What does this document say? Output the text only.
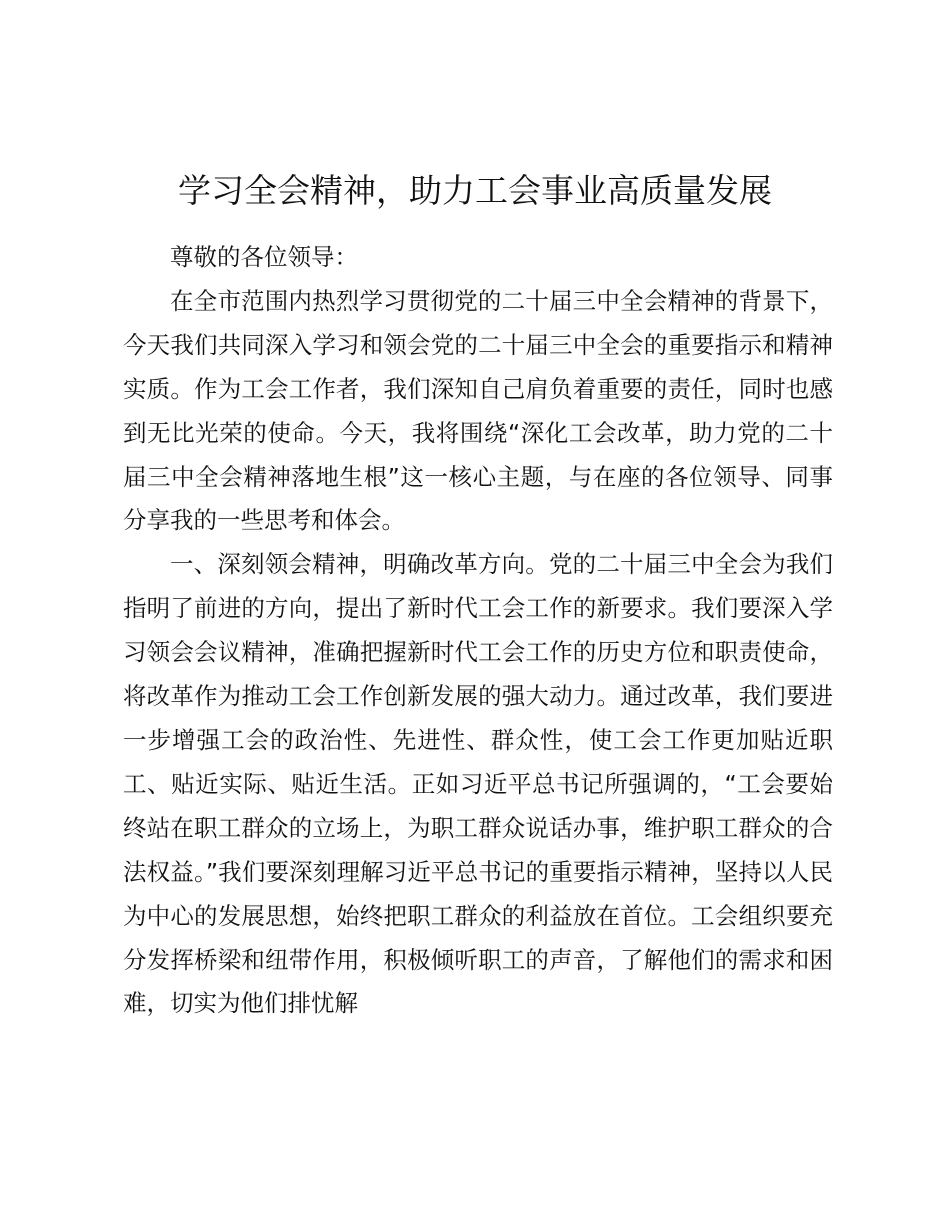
学习全会精神，助力工会事业高质量发展

尊敬的各位领导：

在全市范围内热烈学习贯彻党的二十届三中全会精神的背景下，今天我们共同深入学习和领会党的二十届三中全会的重要指示和精神实质。作为工会工作者，我们深知自己肩负着重要的责任，同时也感到无比光荣的使命。今天，我将围绕“深化工会改革，助力党的二十届三中全会精神落地生根”这一核心主题，与在座的各位领导、同事分享我的一些思考和体会。

一、深刻领会精神，明确改革方向。党的二十届三中全会为我们指明了前进的方向，提出了新时代工会工作的新要求。我们要深入学习领会会议精神，准确把握新时代工会工作的历史方位和职责使命，将改革作为推动工会工作创新发展的强大动力。通过改革，我们要进一步增强工会的政治性、先进性、群众性，使工会工作更加贴近职工、贴近实际、贴近生活。正如习近平总书记所强调的，“工会要始终站在职工群众的立场上，为职工群众说话办事，维护职工群众的合法权益。”我们要深刻理解习近平总书记的重要指示精神，坚持以人民为中心的发展思想，始终把职工群众的利益放在首位。工会组织要充分发挥桥梁和纽带作用，积极倾听职工的声音，了解他们的需求和困难，切实为他们排忧解
